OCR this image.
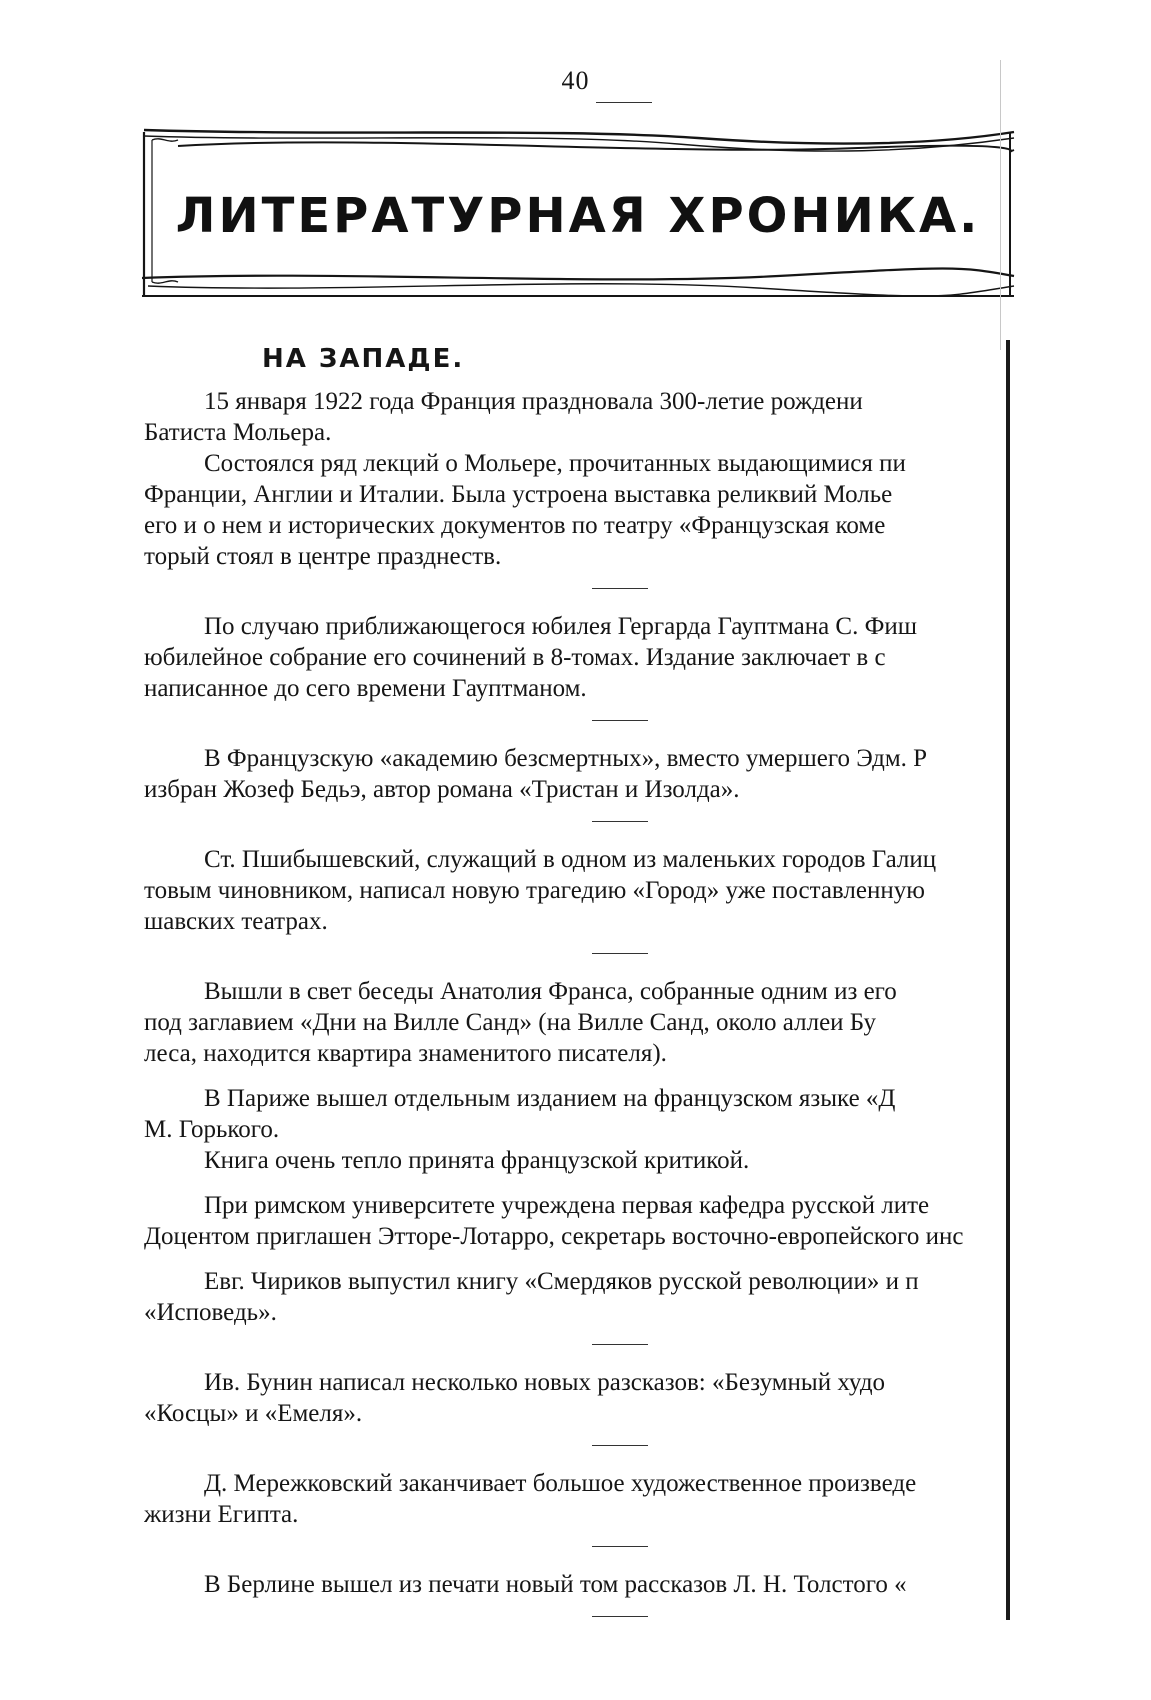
40
ЛИТЕРАТУРНАЯ ХРОНИКА.
НА ЗАПАДЕ.
15 января 1922 года Франция праздновала 300-летие рождени
Батиста Мольера.
Состоялся ряд лекций о Мольере, прочитанных выдающимися пи
Франции, Англии и Италии. Была устроена выставка реликвий Молье
его и о нем и исторических документов по театру «Французская коме
торый стоял в центре празднеств.
По случаю приближающегося юбилея Гергарда Гауптмана С. Фиш
юбилейное собрание его сочинений в 8-томах. Издание заключает в с
написанное до сего времени Гауптманом.
В Французскую «академию безсмертных», вместо умершего Эдм. Р
избран Жозеф Бедьэ, автор романа «Тристан и Изолда».
Ст. Пшибышевский, служащий в одном из маленьких городов Галиц
товым чиновником, написал новую трагедию «Город» уже поставленную
шавских театрах.
Вышли в свет беседы Анатолия Франса, собранные одним из его
под заглавием «Дни на Вилле Санд» (на Вилле Санд, около аллеи Бу
леса, находится квартира знаменитого писателя).
В Париже вышел отдельным изданием на французском языке «Д
М. Горького.
Книга очень тепло принята французской критикой.
При римском университете учреждена первая кафедра русской лите
Доцентом приглашен Этторе-Лотарро, секретарь восточно-европейского инс
Евг. Чириков выпустил книгу «Смердяков русской революции» и п
«Исповедь».
Ив. Бунин написал несколько новых разсказов: «Безумный худо
«Косцы» и «Емеля».
Д. Мережковский заканчивает большое художественное произведе
жизни Египта.
В Берлине вышел из печати новый том рассказов Л. Н. Толстого «
